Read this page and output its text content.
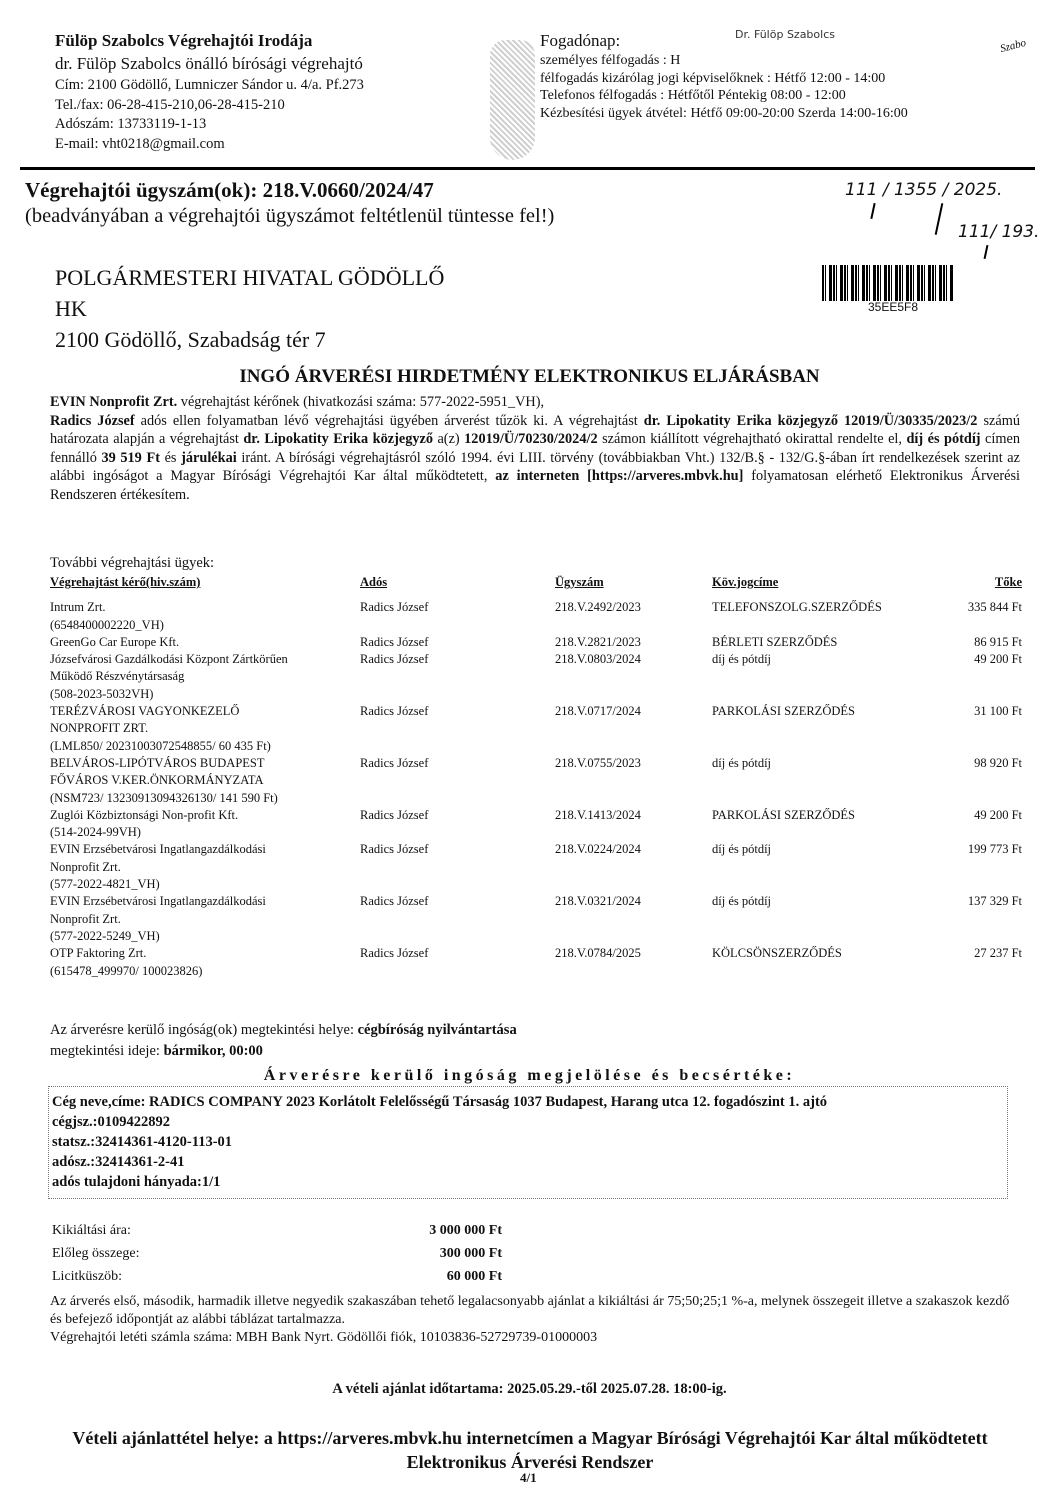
Fülöp Szabolcs Végrehajtói Irodája
dr. Fülöp Szabolcs önálló bírósági végrehajtó
Cím: 2100 Gödöllő, Lumniczer Sándor u. 4/a. Pf.273
Tel./fax: 06-28-415-210,06-28-415-210
Adószám: 13733119-1-13
E-mail: vht0218@gmail.com
Fogadónap:
személyes félfogadás : H
félfogadás kizárólag jogi képviselőknek : Hétfő 12:00 - 14:00
Telefonos félfogadás : Hétfőtől Péntekig 08:00 - 12:00
Kézbesítési ügyek átvétel: Hétfő 09:00-20:00 Szerda 14:00-16:00
Dr. Fülöp Szabolcs
Szabo
Végrehajtói ügyszám(ok): 218.V.0660/2024/47
(beadványában a végrehajtói ügyszámot feltétlenül tüntesse fel!)
111 / 1355 / 2025.
111/ 193.
35EE5F8
POLGÁRMESTERI HIVATAL GÖDÖLLŐ
HK
2100 Gödöllő, Szabadság tér 7
INGÓ ÁRVERÉSI HIRDETMÉNY ELEKTRONIKUS ELJÁRÁSBAN
EVIN Nonprofit Zrt. végrehajtást kérőnek (hivatkozási száma: 577-2022-5951_VH),
Radics József adós ellen folyamatban lévő végrehajtási ügyében árverést tűzök ki. A végrehajtást dr. Lipokatity Erika közjegyző 12019/Ü/30335/2023/2 számú határozata alapján a végrehajtást dr. Lipokatity Erika közjegyző a(z) 12019/Ü/70230/2024/2 számon kiállított végrehajtható okirattal rendelte el, díj és pótdíj címen fennálló 39 519 Ft és járulékai iránt. A bírósági végrehajtásról szóló 1994. évi LIII. törvény (továbbiakban Vht.) 132/B.§ - 132/G.§-ában írt rendelkezések szerint az alábbi ingóságot a Magyar Bírósági Végrehajtói Kar által működtetett, az interneten [https://arveres.mbvk.hu] folyamatosan elérhető Elektronikus Árverési Rendszeren értékesítem.
További végrehajtási ügyek:
Végrehajtást kérő(hiv.szám)	Adós	Ügyszám	Köv.jogcíme	Tőke
Intrum Zrt.	Radics József	218.V.2492/2023	TELEFONSZOLG.SZERZŐDÉS	335 844 Ft
(6548400002220_VH)
GreenGo Car Europe Kft.	Radics József	218.V.2821/2023	BÉRLETI SZERZŐDÉS	86 915 Ft
Józsefvárosi Gazdálkodási Központ Zártkörűen	Radics József	218.V.0803/2024	díj és pótdíj	49 200 Ft
Működő Részvénytársaság
(508-2023-5032VH)
TERÉZVÁROSI VAGYONKEZELŐ	Radics József	218.V.0717/2024	PARKOLÁSI SZERZŐDÉS	31 100 Ft
NONPROFIT ZRT.
(LML850/ 20231003072548855/ 60 435 Ft)
BELVÁROS-LIPÓTVÁROS BUDAPEST	Radics József	218.V.0755/2023	díj és pótdíj	98 920 Ft
FŐVÁROS V.KER.ÖNKORMÁNYZATA
(NSM723/ 13230913094326130/ 141 590 Ft)
Zuglói Közbiztonsági Non-profit Kft.	Radics József	218.V.1413/2024	PARKOLÁSI SZERZŐDÉS	49 200 Ft
(514-2024-99VH)
EVIN Erzsébetvárosi Ingatlangazdálkodási	Radics József	218.V.0224/2024	díj és pótdíj	199 773 Ft
Nonprofit Zrt.
(577-2022-4821_VH)
EVIN Erzsébetvárosi Ingatlangazdálkodási	Radics József	218.V.0321/2024	díj és pótdíj	137 329 Ft
Nonprofit Zrt.
(577-2022-5249_VH)
OTP Faktoring Zrt.	Radics József	218.V.0784/2025	KÖLCSÖNSZERZŐDÉS	27 237 Ft
(615478_499970/ 100023826)
Az árverésre kerülő ingóság(ok) megtekintési helye: cégbíróság nyilvántartása
megtekintési ideje: bármikor, 00:00
Árverésre kerülő ingóság megjelölése és becsértéke:
Cég neve,címe: RADICS COMPANY 2023 Korlátolt Felelősségű Társaság 1037 Budapest, Harang utca 12. fogadószint 1. ajtó
cégjsz.:0109422892
statsz.:32414361-4120-113-01
adósz.:32414361-2-41
adós tulajdoni hányada:1/1
Kikiáltási ára:	3 000 000 Ft
Előleg összege:	300 000 Ft
Licitküszöb:	60 000 Ft
Az árverés első, második, harmadik illetve negyedik szakaszában tehető legalacsonyabb ajánlat a kikiáltási ár 75;50;25;1 %-a, melynek összegeit illetve a szakaszok kezdő és befejező időpontját az alábbi táblázat tartalmazza.
Végrehajtói letéti számla száma: MBH Bank Nyrt. Gödöllői fiók, 10103836-52729739-01000003
A vételi ajánlat időtartama: 2025.05.29.-től 2025.07.28. 18:00-ig.
Vételi ajánlattétel helye: a https://arveres.mbvk.hu internetcímen a Magyar Bírósági Végrehajtói Kar által működtetett Elektronikus Árverési Rendszer
4/1
